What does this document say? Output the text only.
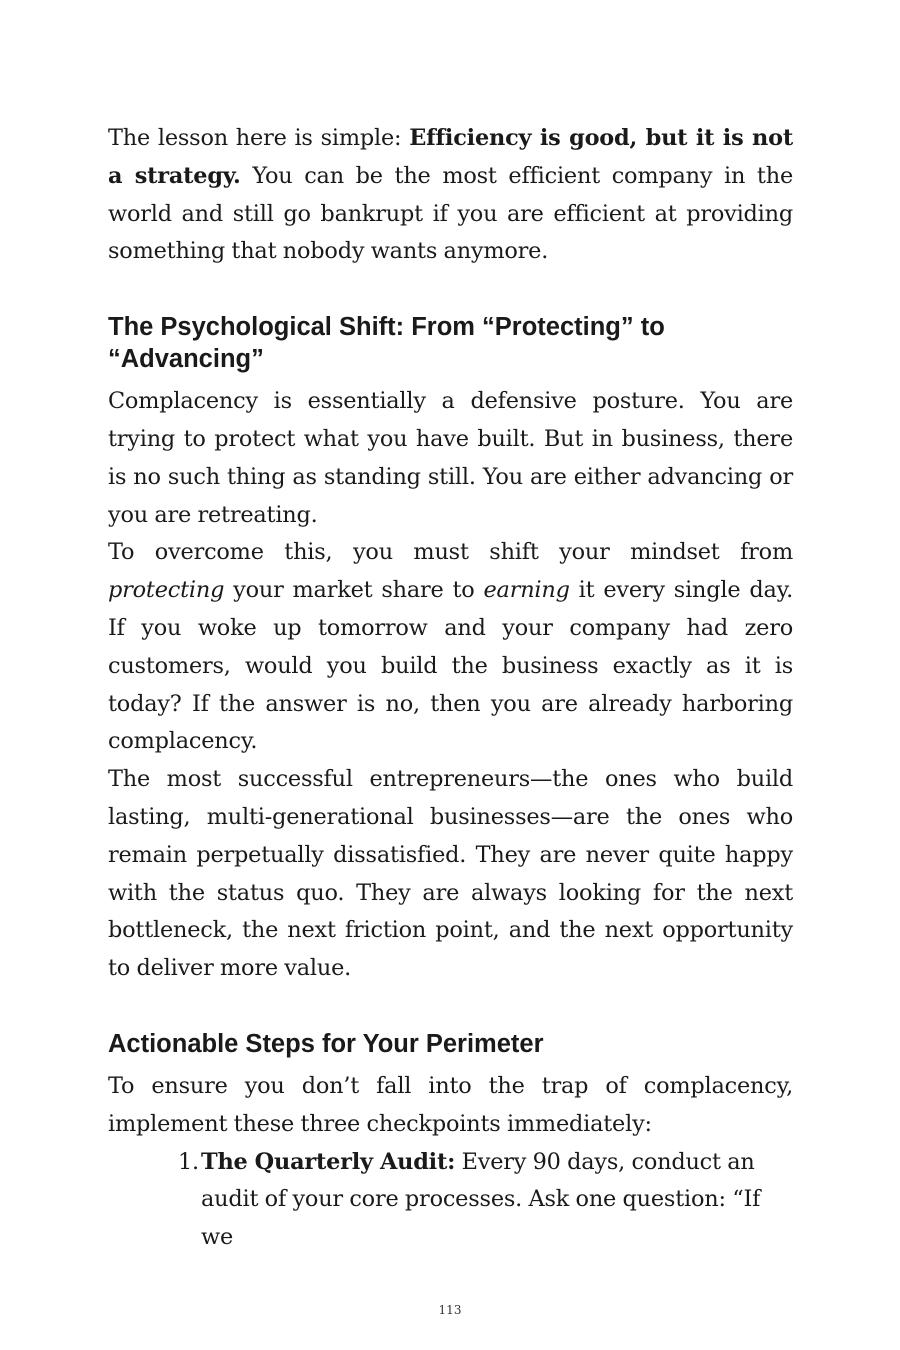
The lesson here is simple: Efficiency is good, but it is not a strategy. You can be the most efficient company in the world and still go bankrupt if you are efficient at providing something that nobody wants anymore.

The Psychological Shift: From “Protecting” to “Advancing”

Complacency is essentially a defensive posture. You are trying to protect what you have built. But in business, there is no such thing as standing still. You are either advancing or you are retreating.

To overcome this, you must shift your mindset from protecting your market share to earning it every single day. If you woke up tomorrow and your company had zero customers, would you build the business exactly as it is today? If the answer is no, then you are already harboring complacency.

The most successful entrepreneurs—the ones who build lasting, multi-generational businesses—are the ones who remain perpetually dissatisfied. They are never quite happy with the status quo. They are always looking for the next bottleneck, the next friction point, and the next opportunity to deliver more value.

Actionable Steps for Your Perimeter

To ensure you don’t fall into the trap of complacency, implement these three checkpoints immediately:

1. The Quarterly Audit: Every 90 days, conduct an audit of your core processes. Ask one question: “If we
113
